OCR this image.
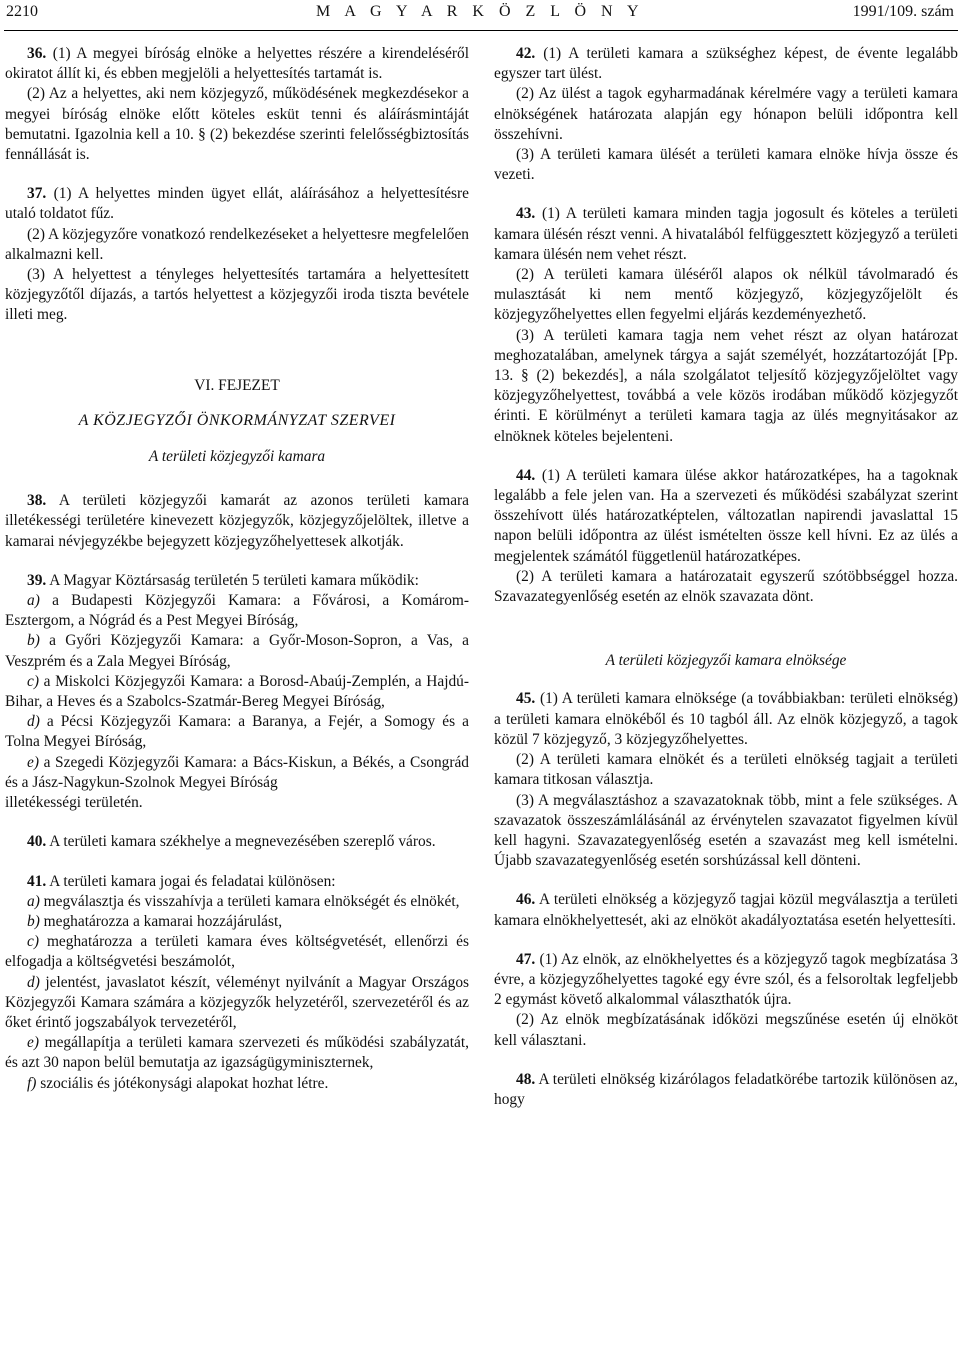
2210	M A G Y A R K Ö Z L Ö N Y	1991/109. szám

36. (1) A megyei bíróság elnöke a helyettes részére a kirendeléséről okiratot állít ki, és ebben megjelöli a helyettesítés tartamát is.

(2) Az a helyettes, aki nem közjegyző, működésének megkezdésekor a megyei bíróság elnöke előtt köteles esküt tenni és aláírásmintáját bemutatni. Igazolnia kell a 10. § (2) bekezdése szerinti felelősségbiztosítás fennállását is.

37. (1) A helyettes minden ügyet ellát, aláírásához a helyettesítésre utaló toldatot fűz.

(2) A közjegyzőre vonatkozó rendelkezéseket a helyettesre megfelelően alkalmazni kell.

(3) A helyettest a tényleges helyettesítés tartamára a helyettesített közjegyzőtől díjazás, a tartós helyettest a közjegyzői iroda tiszta bevétele illeti meg.

VI. FEJEZET

A KÖZJEGYZŐI ÖNKORMÁNYZAT SZERVEI

A területi közjegyzői kamara

38. A területi közjegyzői kamarát az azonos területi kamara illetékességi területére kinevezett közjegyzők, közjegyzőjelöltek, illetve a kamarai névjegyzékbe bejegyzett közjegyzőhelyettesek alkotják.

39. A Magyar Köztársaság területén 5 területi kamara működik:

a) a Budapesti Közjegyzői Kamara: a Fővárosi, a Komárom-Esztergom, a Nógrád és a Pest Megyei Bíróság,

b) a Győri Közjegyzői Kamara: a Győr-Moson-Sopron, a Vas, a Veszprém és a Zala Megyei Bíróság,

c) a Miskolci Közjegyzői Kamara: a Borosd-Abaúj-Zemplén, a Hajdú-Bihar, a Heves és a Szabolcs-Szatmár-Bereg Megyei Bíróság,

d) a Pécsi Közjegyzői Kamara: a Baranya, a Fejér, a Somogy és a Tolna Megyei Bíróság,

e) a Szegedi Közjegyzői Kamara: a Bács-Kiskun, a Békés, a Csongrád és a Jász-Nagykun-Szolnok Megyei Bíróság

illetékességi területén.

40. A területi kamara székhelye a megnevezésében szereplő város.

41. A területi kamara jogai és feladatai különösen:

a) megválasztja és visszahívja a területi kamara elnökségét és elnökét,

b) meghatározza a kamarai hozzájárulást,

c) meghatározza a területi kamara éves költségvetését, ellenőrzi és elfogadja a költségvetési beszámolót,

d) jelentést, javaslatot készít, véleményt nyilvánít a Magyar Országos Közjegyzői Kamara számára a közjegyzők helyzetéről, szervezetéről és az őket érintő jogszabályok tervezetéről,

e) megállapítja a területi kamara szervezeti és működési szabályzatát, és azt 30 napon belül bemutatja az igazságügyminiszternek,

f) szociális és jótékonysági alapokat hozhat létre.

42. (1) A területi kamara a szükséghez képest, de évente legalább egyszer tart ülést.

(2) Az ülést a tagok egyharmadának kérelmére vagy a területi kamara elnökségének határozata alapján egy hónapon belüli időpontra kell összehívni.

(3) A területi kamara ülését a területi kamara elnöke hívja össze és vezeti.

43. (1) A területi kamara minden tagja jogosult és köteles a területi kamara ülésén részt venni. A hivatalából felfüggesztett közjegyző a területi kamara ülésén nem vehet részt.

(2) A területi kamara üléséről alapos ok nélkül távolmaradó és mulasztását ki nem mentő közjegyző, közjegyzőjelölt és közjegyzőhelyettes ellen fegyelmi eljárás kezdeményezhető.

(3) A területi kamara tagja nem vehet részt az olyan határozat meghozatalában, amelynek tárgya a saját személyét, hozzátartozóját [Pp. 13. § (2) bekezdés], a nála szolgálatot teljesítő közjegyzőjelöltet vagy közjegyzőhelyettest, továbbá a vele közös irodában működő közjegyzőt érinti. E körülményt a területi kamara tagja az ülés megnyitásakor az elnöknek köteles bejelenteni.

44. (1) A területi kamara ülése akkor határozatképes, ha a tagoknak legalább a fele jelen van. Ha a szervezeti és működési szabályzat szerint összehívott ülés határozatképtelen, változatlan napirendi javaslattal 15 napon belüli időpontra az ülést ismételten össze kell hívni. Ez az ülés a megjelentek számától függetlenül határozatképes.

(2) A területi kamara a határozatait egyszerű szótöbbséggel hozza. Szavazategyenlőség esetén az elnök szavazata dönt.

A területi közjegyzői kamara elnöksége

45. (1) A területi kamara elnöksége (a továbbiakban: területi elnökség) a területi kamara elnökéből és 10 tagból áll. Az elnök közjegyző, a tagok közül 7 közjegyző, 3 közjegyzőhelyettes.

(2) A területi kamara elnökét és a területi elnökség tagjait a területi kamara titkosan választja.

(3) A megválasztáshoz a szavazatoknak több, mint a fele szükséges. A szavazatok összeszámlálásánál az érvénytelen szavazatot figyelmen kívül kell hagyni. Szavazategyenlőség esetén a szavazást meg kell ismételni. Újabb szavazategyenlőség esetén sorshúzással kell dönteni.

46. A területi elnökség a közjegyző tagjai közül megválasztja a területi kamara elnökhelyettesét, aki az elnököt akadályoztatása esetén helyettesíti.

47. (1) Az elnök, az elnökhelyettes és a közjegyző tagok megbízatása 3 évre, a közjegyzőhelyettes tagoké egy évre szól, és a felsoroltak legfeljebb 2 egymást követő alkalommal választhatók újra.

(2) Az elnök megbízatásának időközi megszűnése esetén új elnököt kell választani.

48. A területi elnökség kizárólagos feladatkörébe tartozik különösen az, hogy
